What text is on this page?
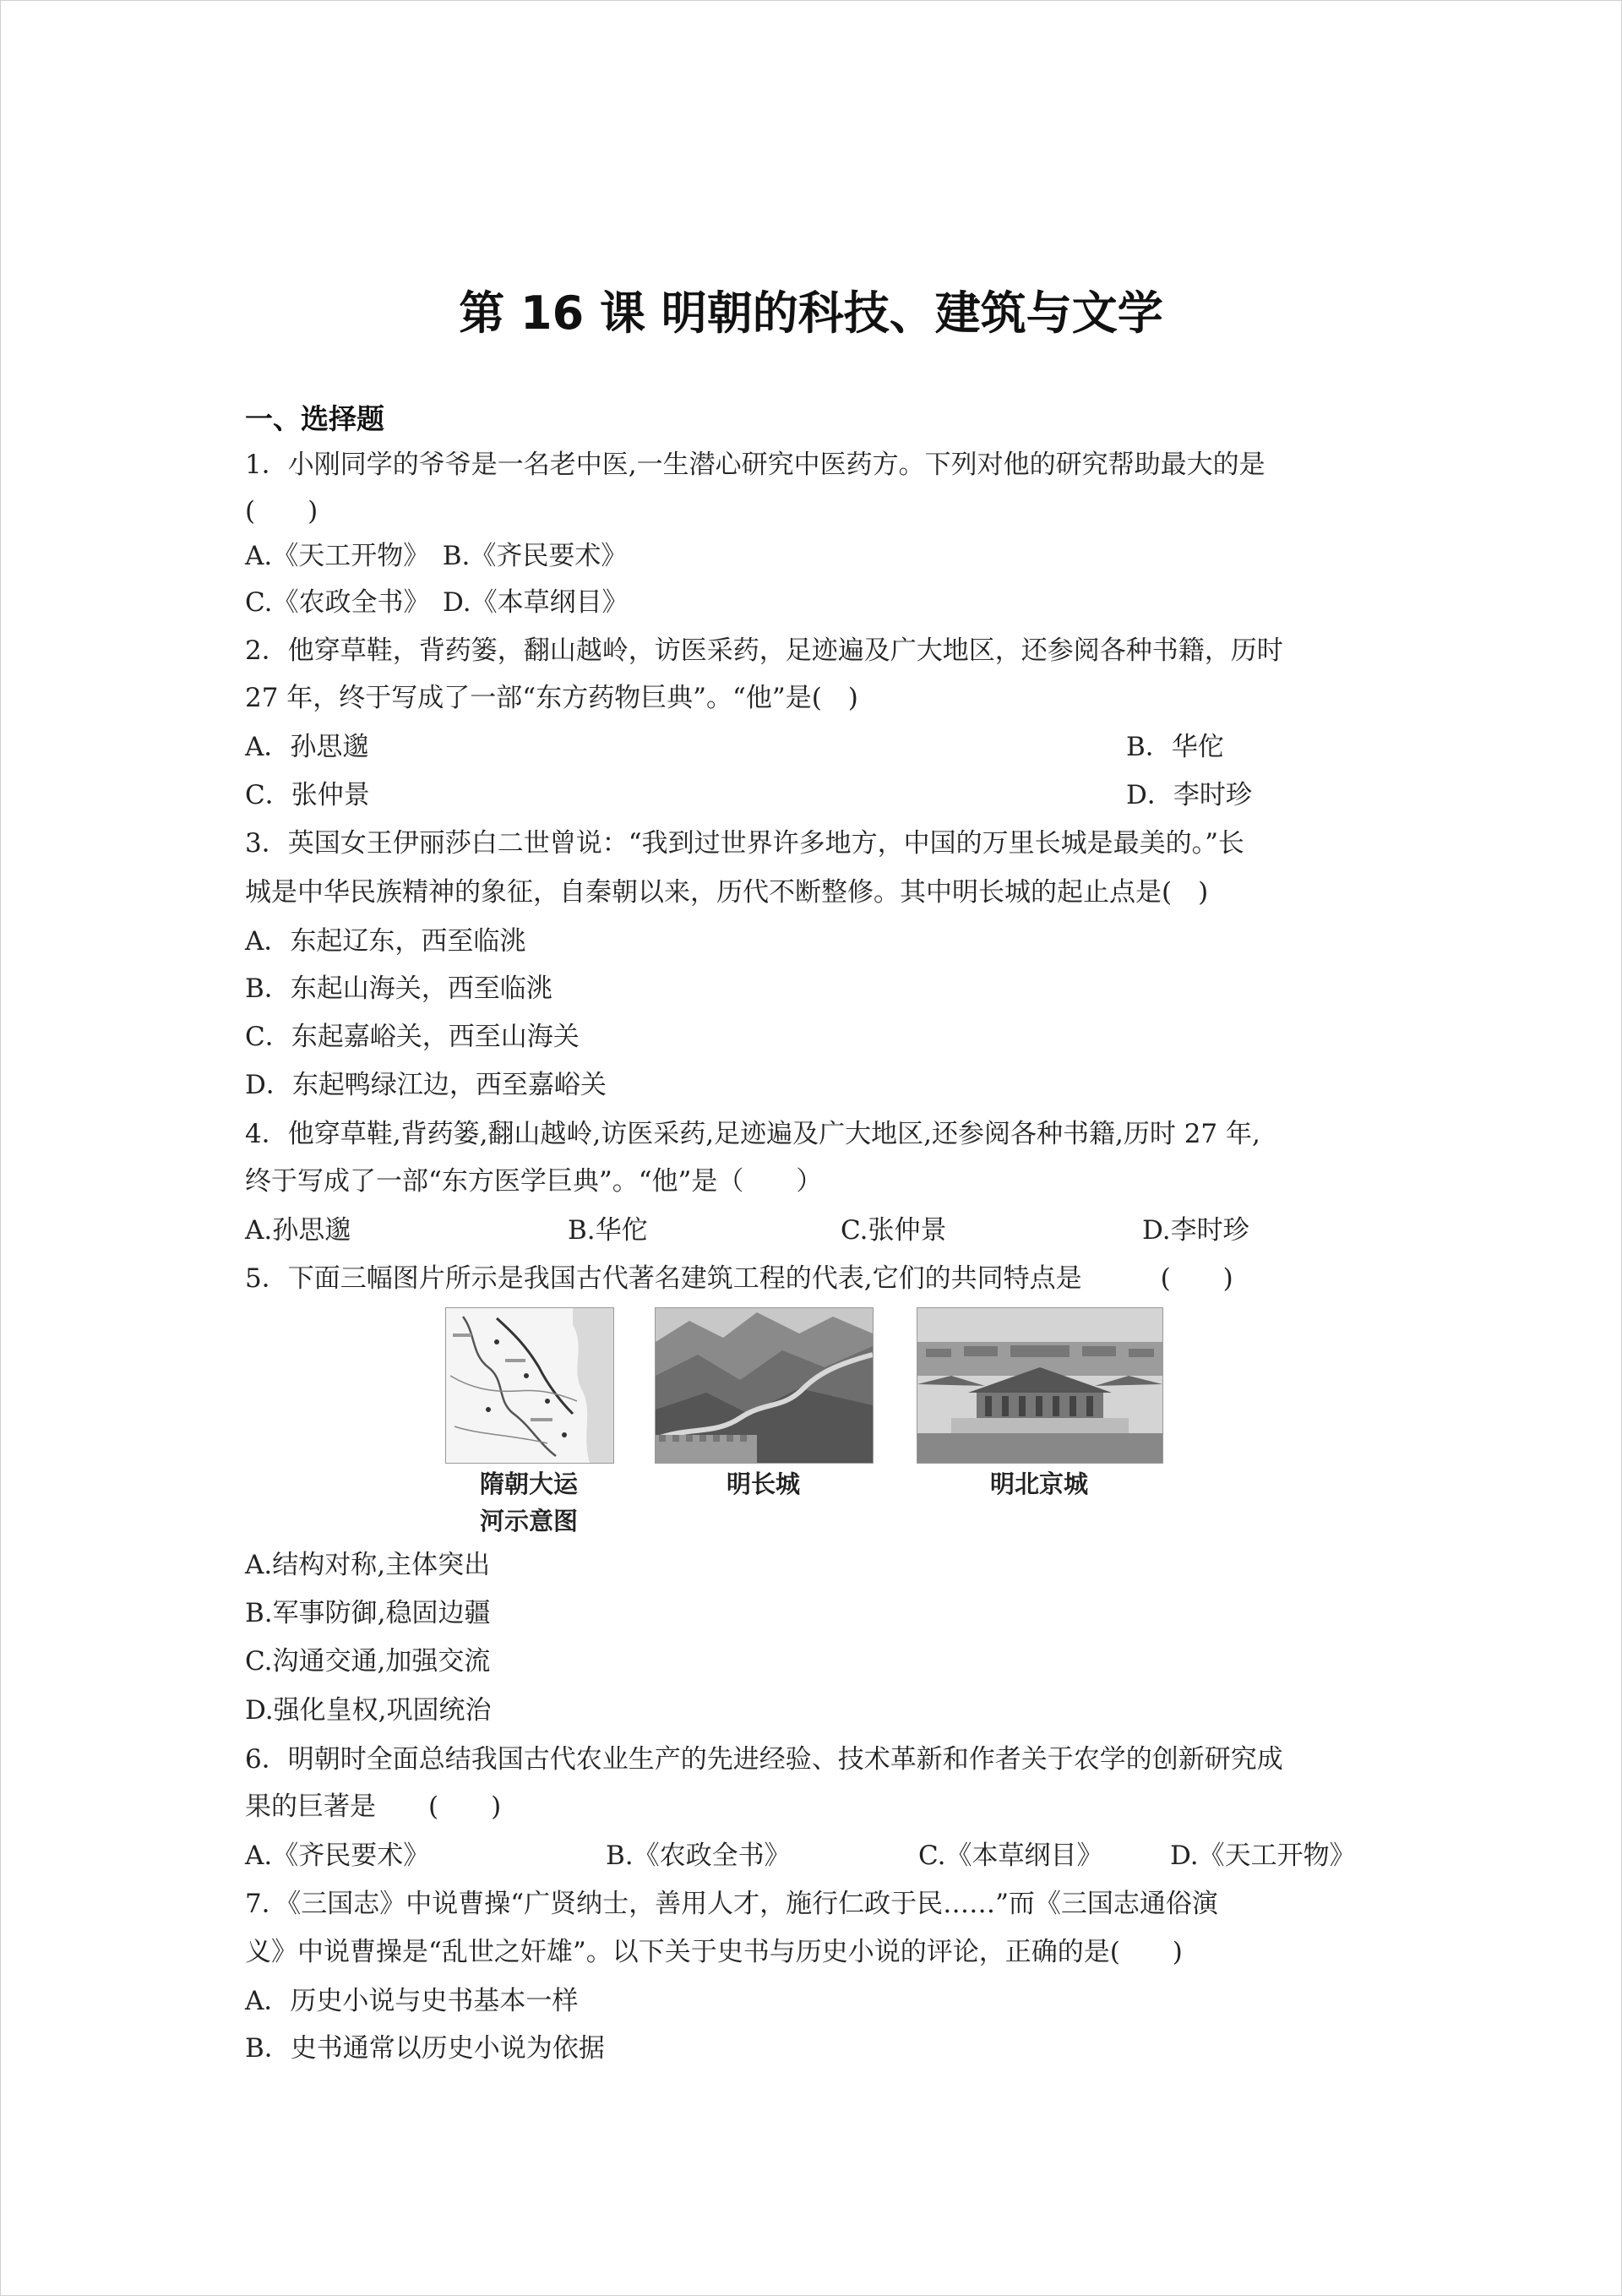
第 16 课 明朝的科技、建筑与文学
一、选择题
1．小刚同学的爷爷是一名老中医,一生潜心研究中医药方。下列对他的研究帮助最大的是
(　　)
A.《天工开物》　B.《齐民要术》
C.《农政全书》　D.《本草纲目》
2．他穿草鞋，背药篓，翻山越岭，访医采药，足迹遍及广大地区，还参阅各种书籍，历时
27 年，终于写成了一部“东方药物巨典”。“他”是(　)
A．孙思邈	B．华佗
C．张仲景	D．李时珍
3．英国女王伊丽莎白二世曾说：“我到过世界许多地方，中国的万里长城是最美的。”长
城是中华民族精神的象征，自秦朝以来，历代不断整修。其中明长城的起止点是(　)
A．东起辽东，西至临洮
B．东起山海关，西至临洮
C．东起嘉峪关，西至山海关
D．东起鸭绿江边，西至嘉峪关
4．他穿草鞋,背药篓,翻山越岭,访医采药,足迹遍及广大地区,还参阅各种书籍,历时 27 年,
终于写成了一部“东方医学巨典”。“他”是（　　）
A.孙思邈	B.华佗	C.张仲景	D.李时珍
5．下面三幅图片所示是我国古代著名建筑工程的代表,它们的共同特点是　　　(　　)
隋朝大运
河示意图
明长城	明北京城
A.结构对称,主体突出
B.军事防御,稳固边疆
C.沟通交通,加强交流
D.强化皇权,巩固统治
6．明朝时全面总结我国古代农业生产的先进经验、技术革新和作者关于农学的创新研究成
果的巨著是　　(　　)
A.《齐民要术》	B.《农政全书》	C.《本草纲目》	D.《天工开物》
7．《三国志》中说曹操“广贤纳士，善用人才，施行仁政于民……”而《三国志通俗演
义》中说曹操是“乱世之奸雄”。以下关于史书与历史小说的评论，正确的是(　　)
A．历史小说与史书基本一样
B．史书通常以历史小说为依据
